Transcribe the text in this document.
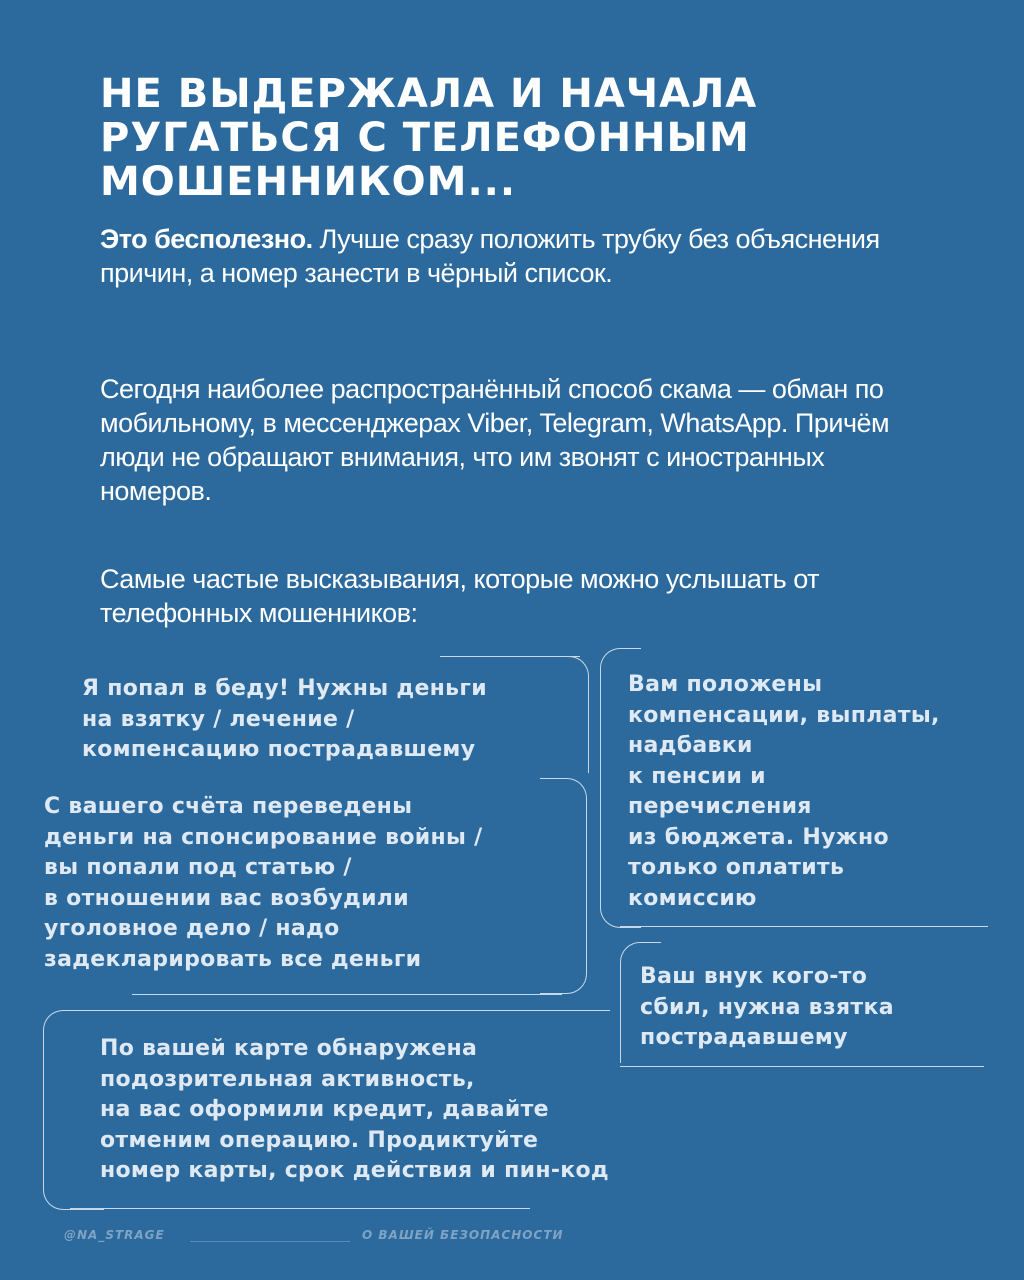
НЕ ВЫДЕРЖАЛА И НАЧАЛА
РУГАТЬСЯ С ТЕЛЕФОННЫМ
МОШЕННИКОМ...
Это бесполезно. Лучше сразу положить трубку без объяснения причин, а номер занести в чёрный список.
Сегодня наиболее распространённый способ скама — обман по мобильному, в мессенджерах Viber, Telegram, WhatsApp. Причём люди не обращают внимания, что им звонят с иностранных номеров.
Самые частые высказывания, которые можно услышать от телефонных мошенников:
Я попал в беду! Нужны деньги
на взятку / лечение /
компенсацию пострадавшему
Вам положены
компенсации, выплаты,
надбавки
к пенсии и
перечисления
из бюджета. Нужно
только оплатить
комиссию
С вашего счёта переведены
деньги на спонсирование войны /
вы попали под статью /
в отношении вас возбудили
уголовное дело / надо
задекларировать все деньги
Ваш внук кого-то
сбил, нужна взятка
пострадавшему
По вашей карте обнаружена
подозрительная активность,
на вас оформили кредит, давайте
отменим операцию. Продиктуйте
номер карты, срок действия и пин-код
@NA_STRAGE	О ВАШЕЙ БЕЗОПАСНОСТИ
